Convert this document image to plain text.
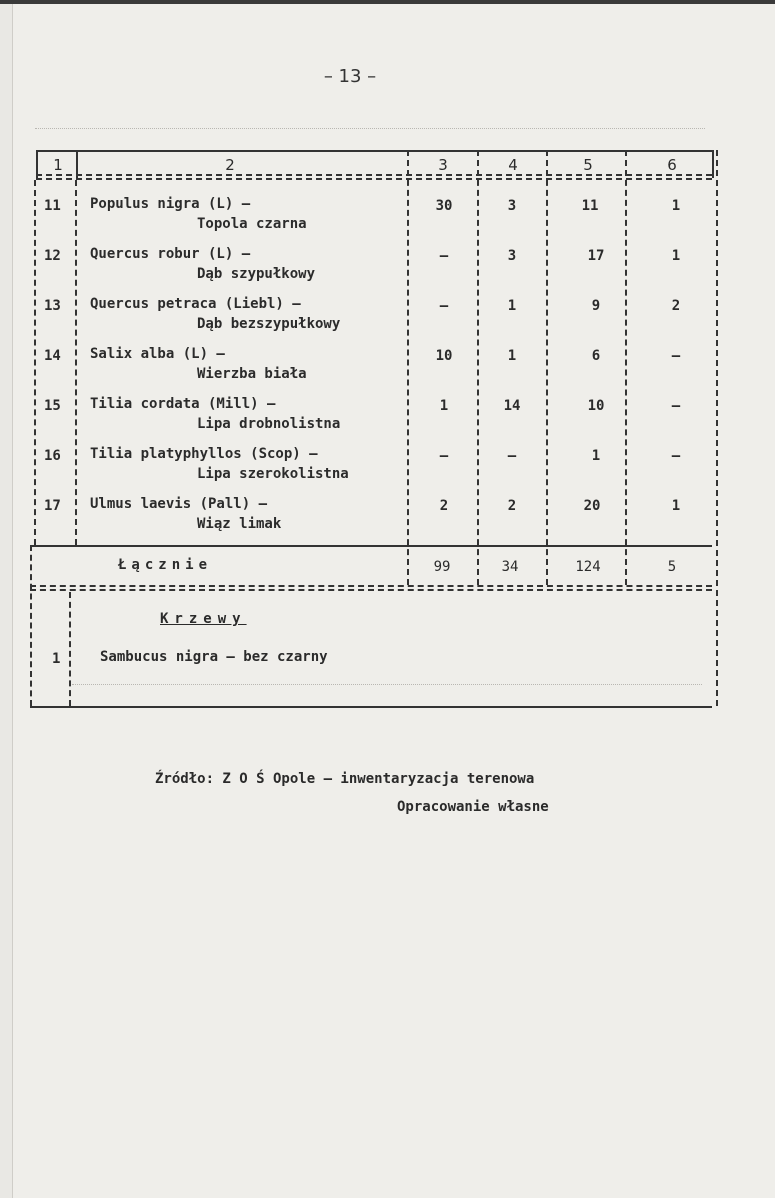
– 13 –
1	2	3	4	5	6
11 Populus nigra (L) –
Topola czarna
30	3	11	1
12 Quercus robur (L) –
Dąb szypułkowy
–	3	17	1
13 Quercus petraca (Liebl) –
Dąb bezszypułkowy
–	1	9	2
14 Salix alba (L) –
Wierzba biała
10	1	6	–
15 Tilia cordata (Mill) –
Lipa drobnolistna
1	14	10	–
16 Tilia platyphyllos (Scop) –
Lipa szerokolistna
–	–	1	–
17 Ulmus laevis (Pall) –
Wiąz limak
2	2	20	1
Łącznie	99	34	124	5
Krzewy
1	Sambucus nigra – bez czarny
Źródło: Z O Ś Opole – inwentaryzacja terenowa
Opracowanie własne
